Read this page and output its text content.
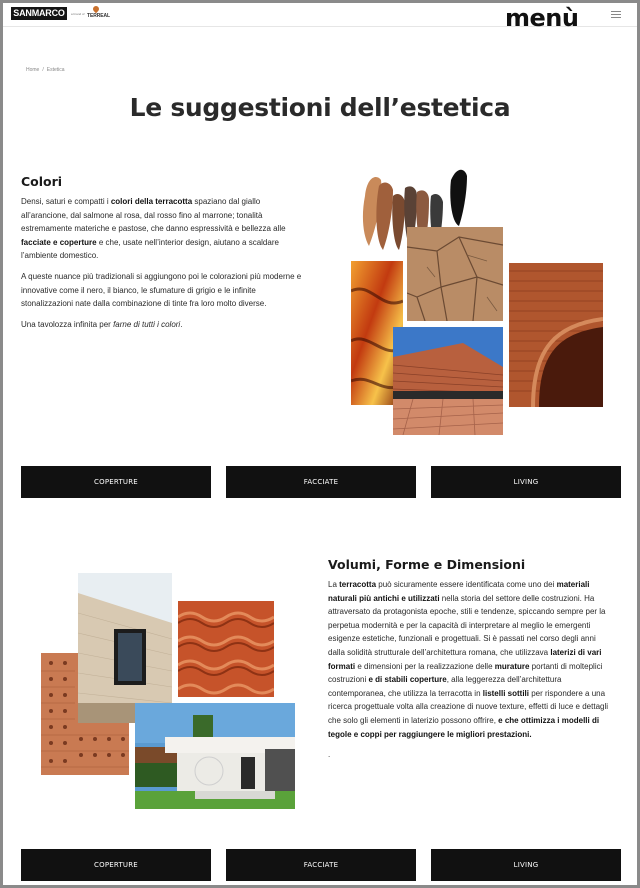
SANMARCO	a brand of TERREAL	menù
Home / Estetica
Le suggestioni dell’estetica
Colori

Densi, saturi e compatti i colori della terracotta spaziano dal giallo all’arancione, dal salmone al rosa, dal rosso fino al marrone; tonalità estremamente materiche e pastose, che danno espressività e bellezza alle facciate e coperture e che, usate nell’interior design, aiutano a scaldare l’ambiente domestico.

A queste nuance più tradizionali si aggiungono poi le colorazioni più moderne e innovative come il nero, il bianco, le sfumature di grigio e le infinite stonalizzazioni nate dalla combinazione di tinte fra loro molto diverse.

Una tavolozza infinita per farne di tutti i colori.

COPERTURE	FACCIATE	LIVING
Volumi, Forme e Dimensioni

La terracotta può sicuramente essere identificata come uno dei materiali naturali più antichi e utilizzati nella storia del settore delle costruzioni. Ha attraversato da protagonista epoche, stili e tendenze, spiccando sempre per la perpetua modernità e per la capacità di interpretare al meglio le emergenti esigenze estetiche, funzionali e progettuali. Si è passati nel corso degli anni dalla solidità strutturale dell’architettura romana, che utilizzava laterizi di vari formati e dimensioni per la realizzazione delle murature portanti di molteplici costruzioni e di stabili coperture, alla leggerezza dell’architettura contemporanea, che utilizza la terracotta in listelli sottili per rispondere a una ricerca progettuale volta alla creazione di nuove texture, effetti di luce e dettagli che solo gli elementi in laterizio possono offrire, e che ottimizza i modelli di tegole e coppi per raggiungere le migliori prestazioni.

.

COPERTURE	FACCIATE	LIVING
